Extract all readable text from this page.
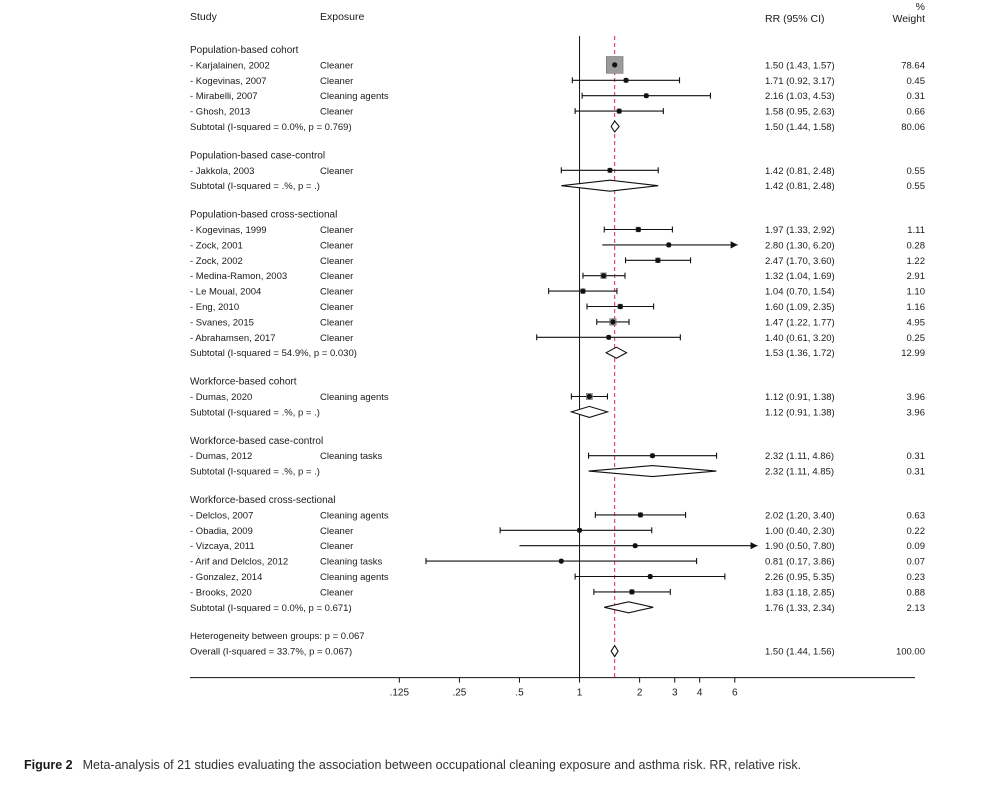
Study	Exposure	RR (95% CI)
%
Weight
Population-based cohort
- Karjalainen, 2002	Cleaner	1.50 (1.43, 1.57)	78.64
- Kogevinas, 2007	Cleaner	1.71 (0.92, 3.17)	0.45
- Mirabelli, 2007	Cleaning agents	2.16 (1.03, 4.53)	0.31
- Ghosh, 2013	Cleaner	1.58 (0.95, 2.63)	0.66
Subtotal (I-squared = 0.0%, p = 0.769)	1.50 (1.44, 1.58)	80.06
Population-based case-control
- Jakkola, 2003	Cleaner	1.42 (0.81, 2.48)	0.55
Subtotal (I-squared = .%, p = .)	1.42 (0.81, 2.48)	0.55
Population-based cross-sectional
- Kogevinas, 1999	Cleaner	1.97 (1.33, 2.92)	1.11
- Zock, 2001	Cleaner	2.80 (1.30, 6.20)	0.28
- Zock, 2002	Cleaner	2.47 (1.70, 3.60)	1.22
- Medina-Ramon, 2003	Cleaner	1.32 (1.04, 1.69)	2.91
- Le Moual, 2004	Cleaner	1.04 (0.70, 1.54)	1.10
- Eng, 2010	Cleaner	1.60 (1.09, 2.35)	1.16
- Svanes, 2015	Cleaner	1.47 (1.22, 1.77)	4.95
- Abrahamsen, 2017	Cleaner	1.40 (0.61, 3.20)	0.25
Subtotal (I-squared = 54.9%, p = 0.030)	1.53 (1.36, 1.72)	12.99
Workforce-based cohort
- Dumas, 2020	Cleaning agents	1.12 (0.91, 1.38)	3.96
Subtotal (I-squared = .%, p = .)	1.12 (0.91, 1.38)	3.96
Workforce-based case-control
- Dumas, 2012	Cleaning tasks	2.32 (1.11, 4.86)	0.31
Subtotal (I-squared = .%, p = .)	2.32 (1.11, 4.85)	0.31
Workforce-based cross-sectional
- Delclos, 2007	Cleaning agents	2.02 (1.20, 3.40)	0.63
- Obadia, 2009	Cleaner	1.00 (0.40, 2.30)	0.22
- Vizcaya, 2011	Cleaner	1.90 (0.50, 7.80)	0.09
- Arif and Delclos, 2012	Cleaning tasks	0.81 (0.17, 3.86)	0.07
- Gonzalez, 2014	Cleaning agents	2.26 (0.95, 5.35)	0.23
- Brooks, 2020	Cleaner	1.83 (1.18, 2.85)	0.88
Subtotal (I-squared = 0.0%, p = 0.671)	1.76 (1.33, 2.34)	2.13
Heterogeneity between groups: p = 0.067
Overall (I-squared = 33.7%, p = 0.067)	1.50 (1.44, 1.56)	100.00
.125	.25	.5	1	2	3 4	6
Figure 2 Meta-analysis of 21 studies evaluating the association between occupational cleaning exposure and asthma risk. RR, relative risk.
